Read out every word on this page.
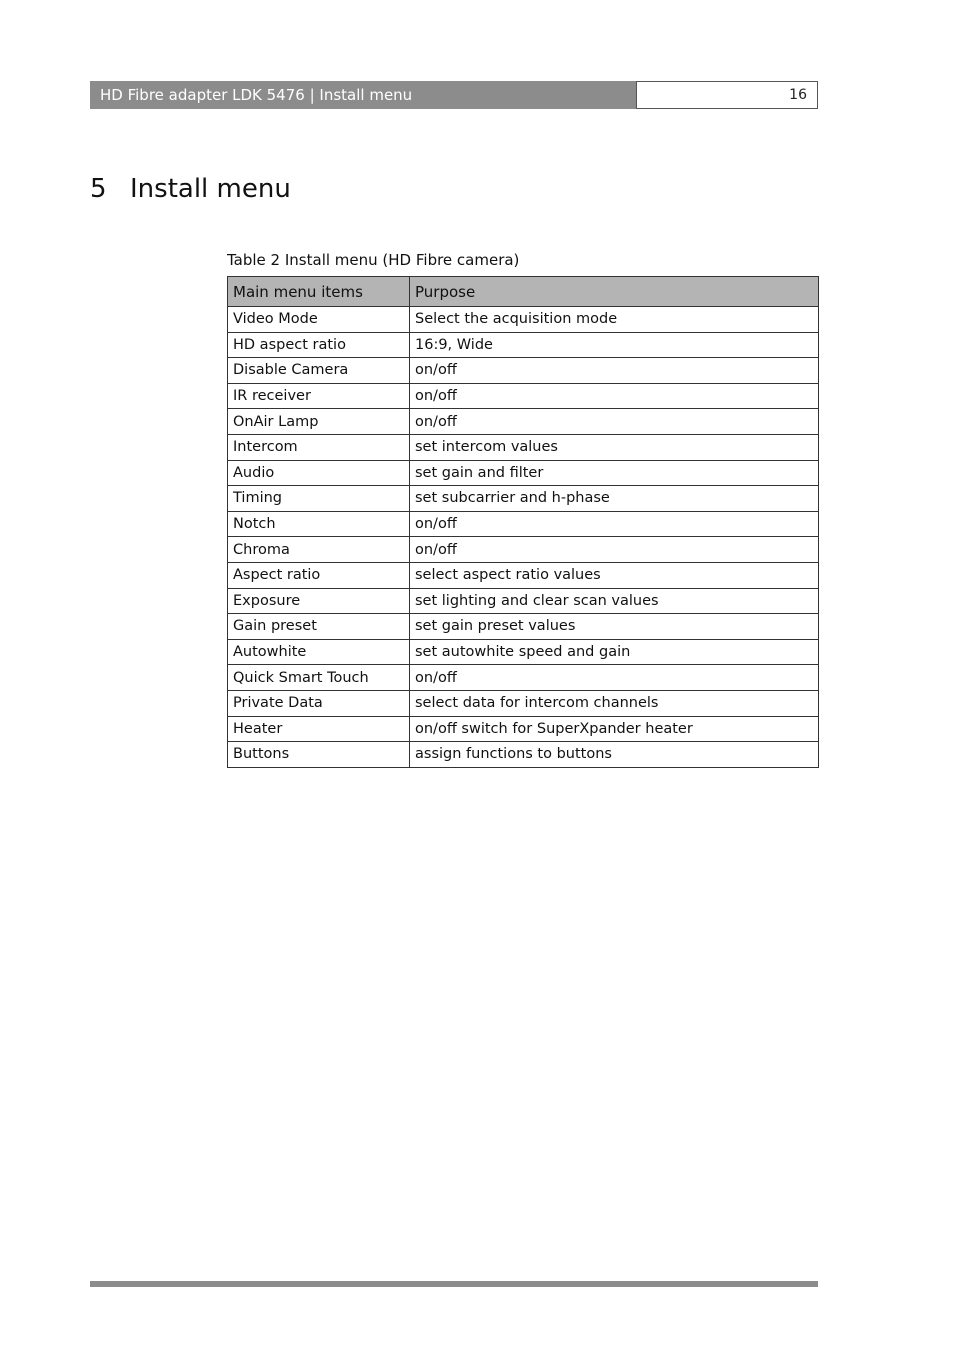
HD Fibre adapter LDK 5476 | Install menu	16
5 Install menu
Table 2 Install menu (HD Fibre camera)
Main menu items	Purpose
Video Mode	Select the acquisition mode
HD aspect ratio	16:9, Wide
Disable Camera	on/off
IR receiver	on/off
OnAir Lamp	on/off
Intercom	set intercom values
Audio	set gain and filter
Timing	set subcarrier and h-phase
Notch	on/off
Chroma	on/off
Aspect ratio	select aspect ratio values
Exposure	set lighting and clear scan values
Gain preset	set gain preset values
Autowhite	set autowhite speed and gain
Quick Smart Touch	on/off
Private Data	select data for intercom channels
Heater	on/off switch for SuperXpander heater
Buttons	assign functions to buttons
